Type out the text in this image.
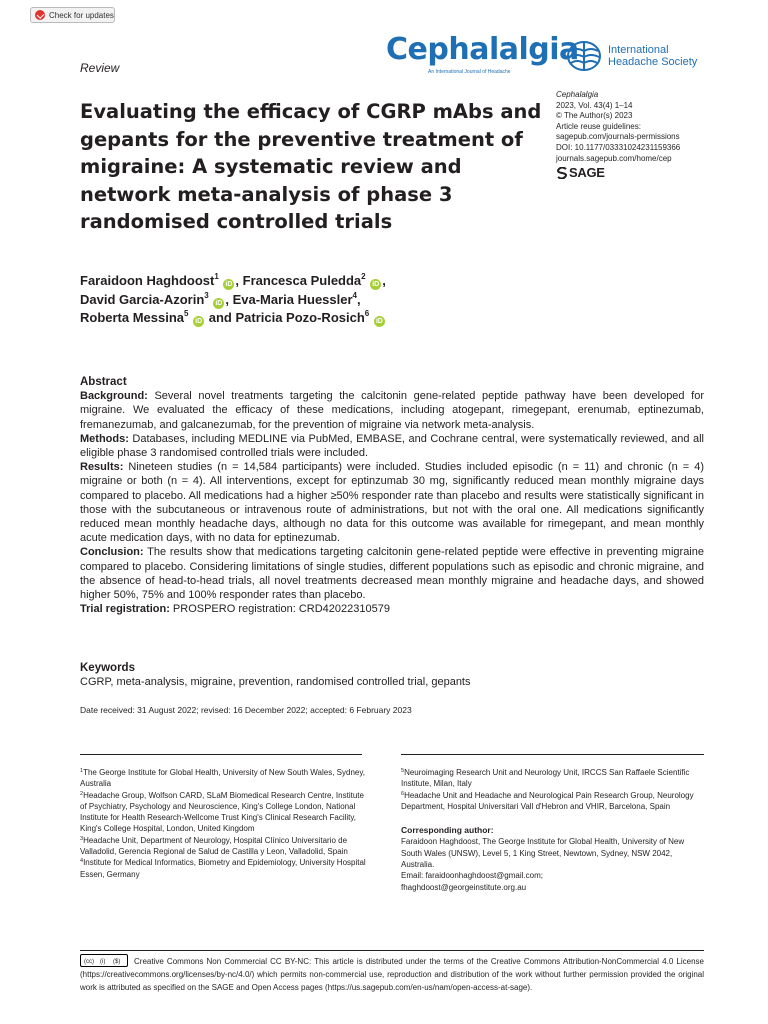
Check for updates
Review
Cephalalgia
An International Journal of Headache
International
Headache Society
Evaluating the efficacy of CGRP mAbs and gepants for the preventive treatment of migraine: A systematic review and network meta-analysis of phase 3 randomised controlled trials
Cephalalgia
2023, Vol. 43(4) 1–14
© The Author(s) 2023
Article reuse guidelines:
sagepub.com/journals-permissions
DOI: 10.1177/03331024231159366
journals.sagepub.com/home/cep
SAGE
Faraidoon Haghdoost$^1$ iD , Francesca Puledda$^2$ iD ,
David Garcia-Azorin$^3$ iD , Eva-Maria Huessler$^4$,
Roberta Messina$^5$ iD and Patricia Pozo-Rosich$^6$ iD
Abstract

Background: Several novel treatments targeting the calcitonin gene-related peptide pathway have been developed for migraine. We evaluated the efficacy of these medications, including atogepant, rimegepant, erenumab, eptinezumab, fremanezumab, and galcanezumab, for the prevention of migraine via network meta-analysis.

Methods: Databases, including MEDLINE via PubMed, EMBASE, and Cochrane central, were systematically reviewed, and all eligible phase 3 randomised controlled trials were included.

Results: Nineteen studies (n = 14,584 participants) were included. Studies included episodic (n = 11) and chronic (n = 4) migraine or both (n = 4). All interventions, except for eptinzumab 30 mg, significantly reduced mean monthly migraine days compared to placebo. All medications had a higher ≥50% responder rate than placebo and results were statistically significant in those with the subcutaneous or intravenous route of administrations, but not with the oral one. All medications significantly reduced mean monthly headache days, although no data for this outcome was available for rimegepant, and mean monthly acute medication days, with no data for eptinezumab.

Conclusion: The results show that medications targeting calcitonin gene-related peptide were effective in preventing migraine compared to placebo. Considering limitations of single studies, different populations such as episodic and chronic migraine, and the absence of head-to-head trials, all novel treatments decreased mean monthly migraine and headache days, and showed higher 50%, 75% and 100% responder rates than placebo.

Trial registration: PROSPERO registration: CRD42022310579

Keywords
CGRP, meta-analysis, migraine, prevention, randomised controlled trial, gepants
Date received: 31 August 2022; revised: 16 December 2022; accepted: 6 February 2023
$^1$The George Institute for Global Health, University of New South Wales, Sydney, Australia
$^2$Headache Group, Wolfson CARD, SLaM Biomedical Research Centre, Institute of Psychiatry, Psychology and Neuroscience, King's College London, National Institute for Health Research-Wellcome Trust King's Clinical Research Facility, King's College Hospital, London, United Kingdom
$^3$Headache Unit, Department of Neurology, Hospital Clínico Universitario de Valladolid, Gerencia Regional de Salud de Castilla y Leon, Valladolid, Spain
$^4$Institute for Medical Informatics, Biometry and Epidemiology, University Hospital Essen, Germany
$^5$Neuroimaging Research Unit and Neurology Unit, IRCCS San Raffaele Scientific Institute, Milan, Italy
$^6$Headache Unit and Headache and Neurological Pain Research Group, Neurology Department, Hospital Universitari Vall d'Hebron and VHIR, Barcelona, Spain
Corresponding author:
Faraidoon Haghdoost, The George Institute for Global Health, University of New South Wales (UNSW), Level 5, 1 King Street, Newtown, Sydney, NSW 2042, Australia.
Email: faraidoonhaghdoost@gmail.com;
fhaghdoost@georgeinstitute.org.au
(cc) (i) ($) Creative Commons Non Commercial CC BY-NC: This article is distributed under the terms of the Creative Commons Attribution-NonCommercial 4.0 License (https://creativecommons.org/licenses/by-nc/4.0/) which permits non-commercial use, reproduction and distribution of the work without further permission provided the original work is attributed as specified on the SAGE and Open Access pages (https://us.sagepub.com/en-us/nam/open-access-at-sage).
